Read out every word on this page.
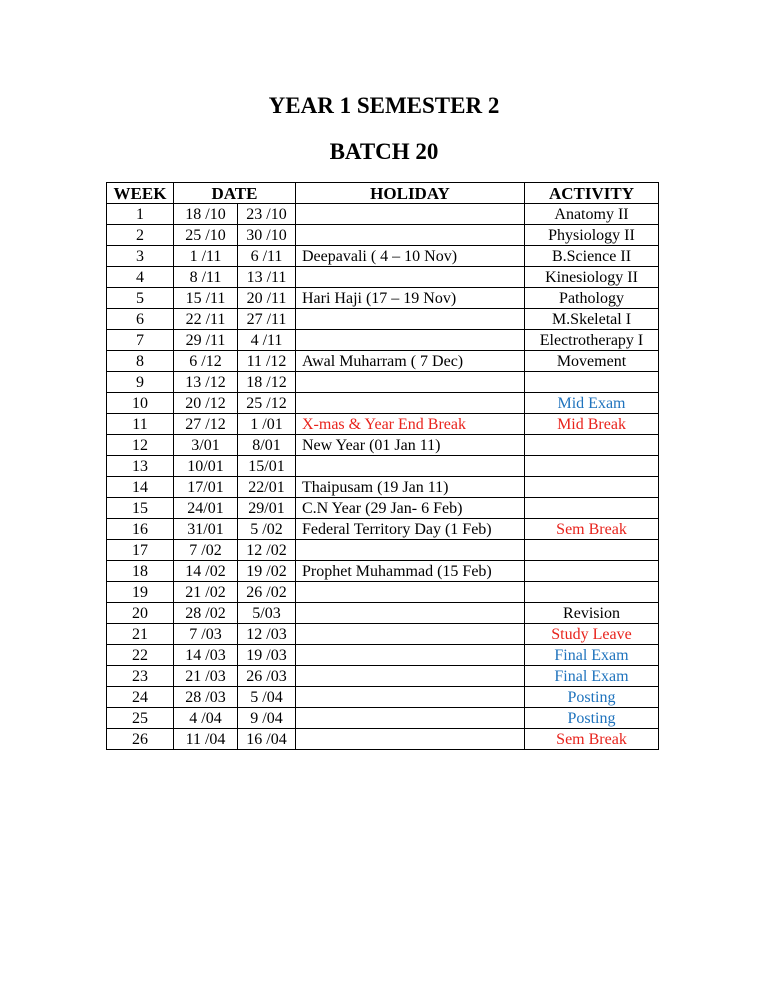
YEAR 1 SEMESTER 2
BATCH 20
WEEK	DATE		HOLIDAY	ACTIVITY
1	18 /10	23 /10		Anatomy II
2	25 /10	30 /10		Physiology II
3	1 /11	6 /11	Deepavali ( 4 – 10 Nov)	B.Science II
4	8 /11	13 /11		Kinesiology II
5	15 /11	20 /11	Hari Haji (17 – 19 Nov)	Pathology
6	22 /11	27 /11		M.Skeletal I
7	29 /11	4 /11		Electrotherapy I
8	6 /12	11 /12	Awal Muharram ( 7 Dec)	Movement
9	13 /12	18 /12		
10	20 /12	25 /12		Mid Exam
11	27 /12	1 /01	X-mas & Year End Break	Mid Break
12	3/01	8/01	New Year (01 Jan 11)	
13	10/01	15/01		
14	17/01	22/01	Thaipusam (19 Jan 11)	
15	24/01	29/01	C.N Year (29 Jan- 6 Feb)	
16	31/01	5 /02	Federal Territory Day (1 Feb)	Sem Break
17	7 /02	12 /02		
18	14 /02	19 /02	Prophet Muhammad (15 Feb)	
19	21 /02	26 /02		
20	28 /02	5/03		Revision
21	7 /03	12 /03		Study Leave
22	14 /03	19 /03		Final Exam
23	21 /03	26 /03		Final Exam
24	28 /03	5 /04		Posting
25	4 /04	9 /04		Posting
26	11 /04	16 /04		Sem Break
